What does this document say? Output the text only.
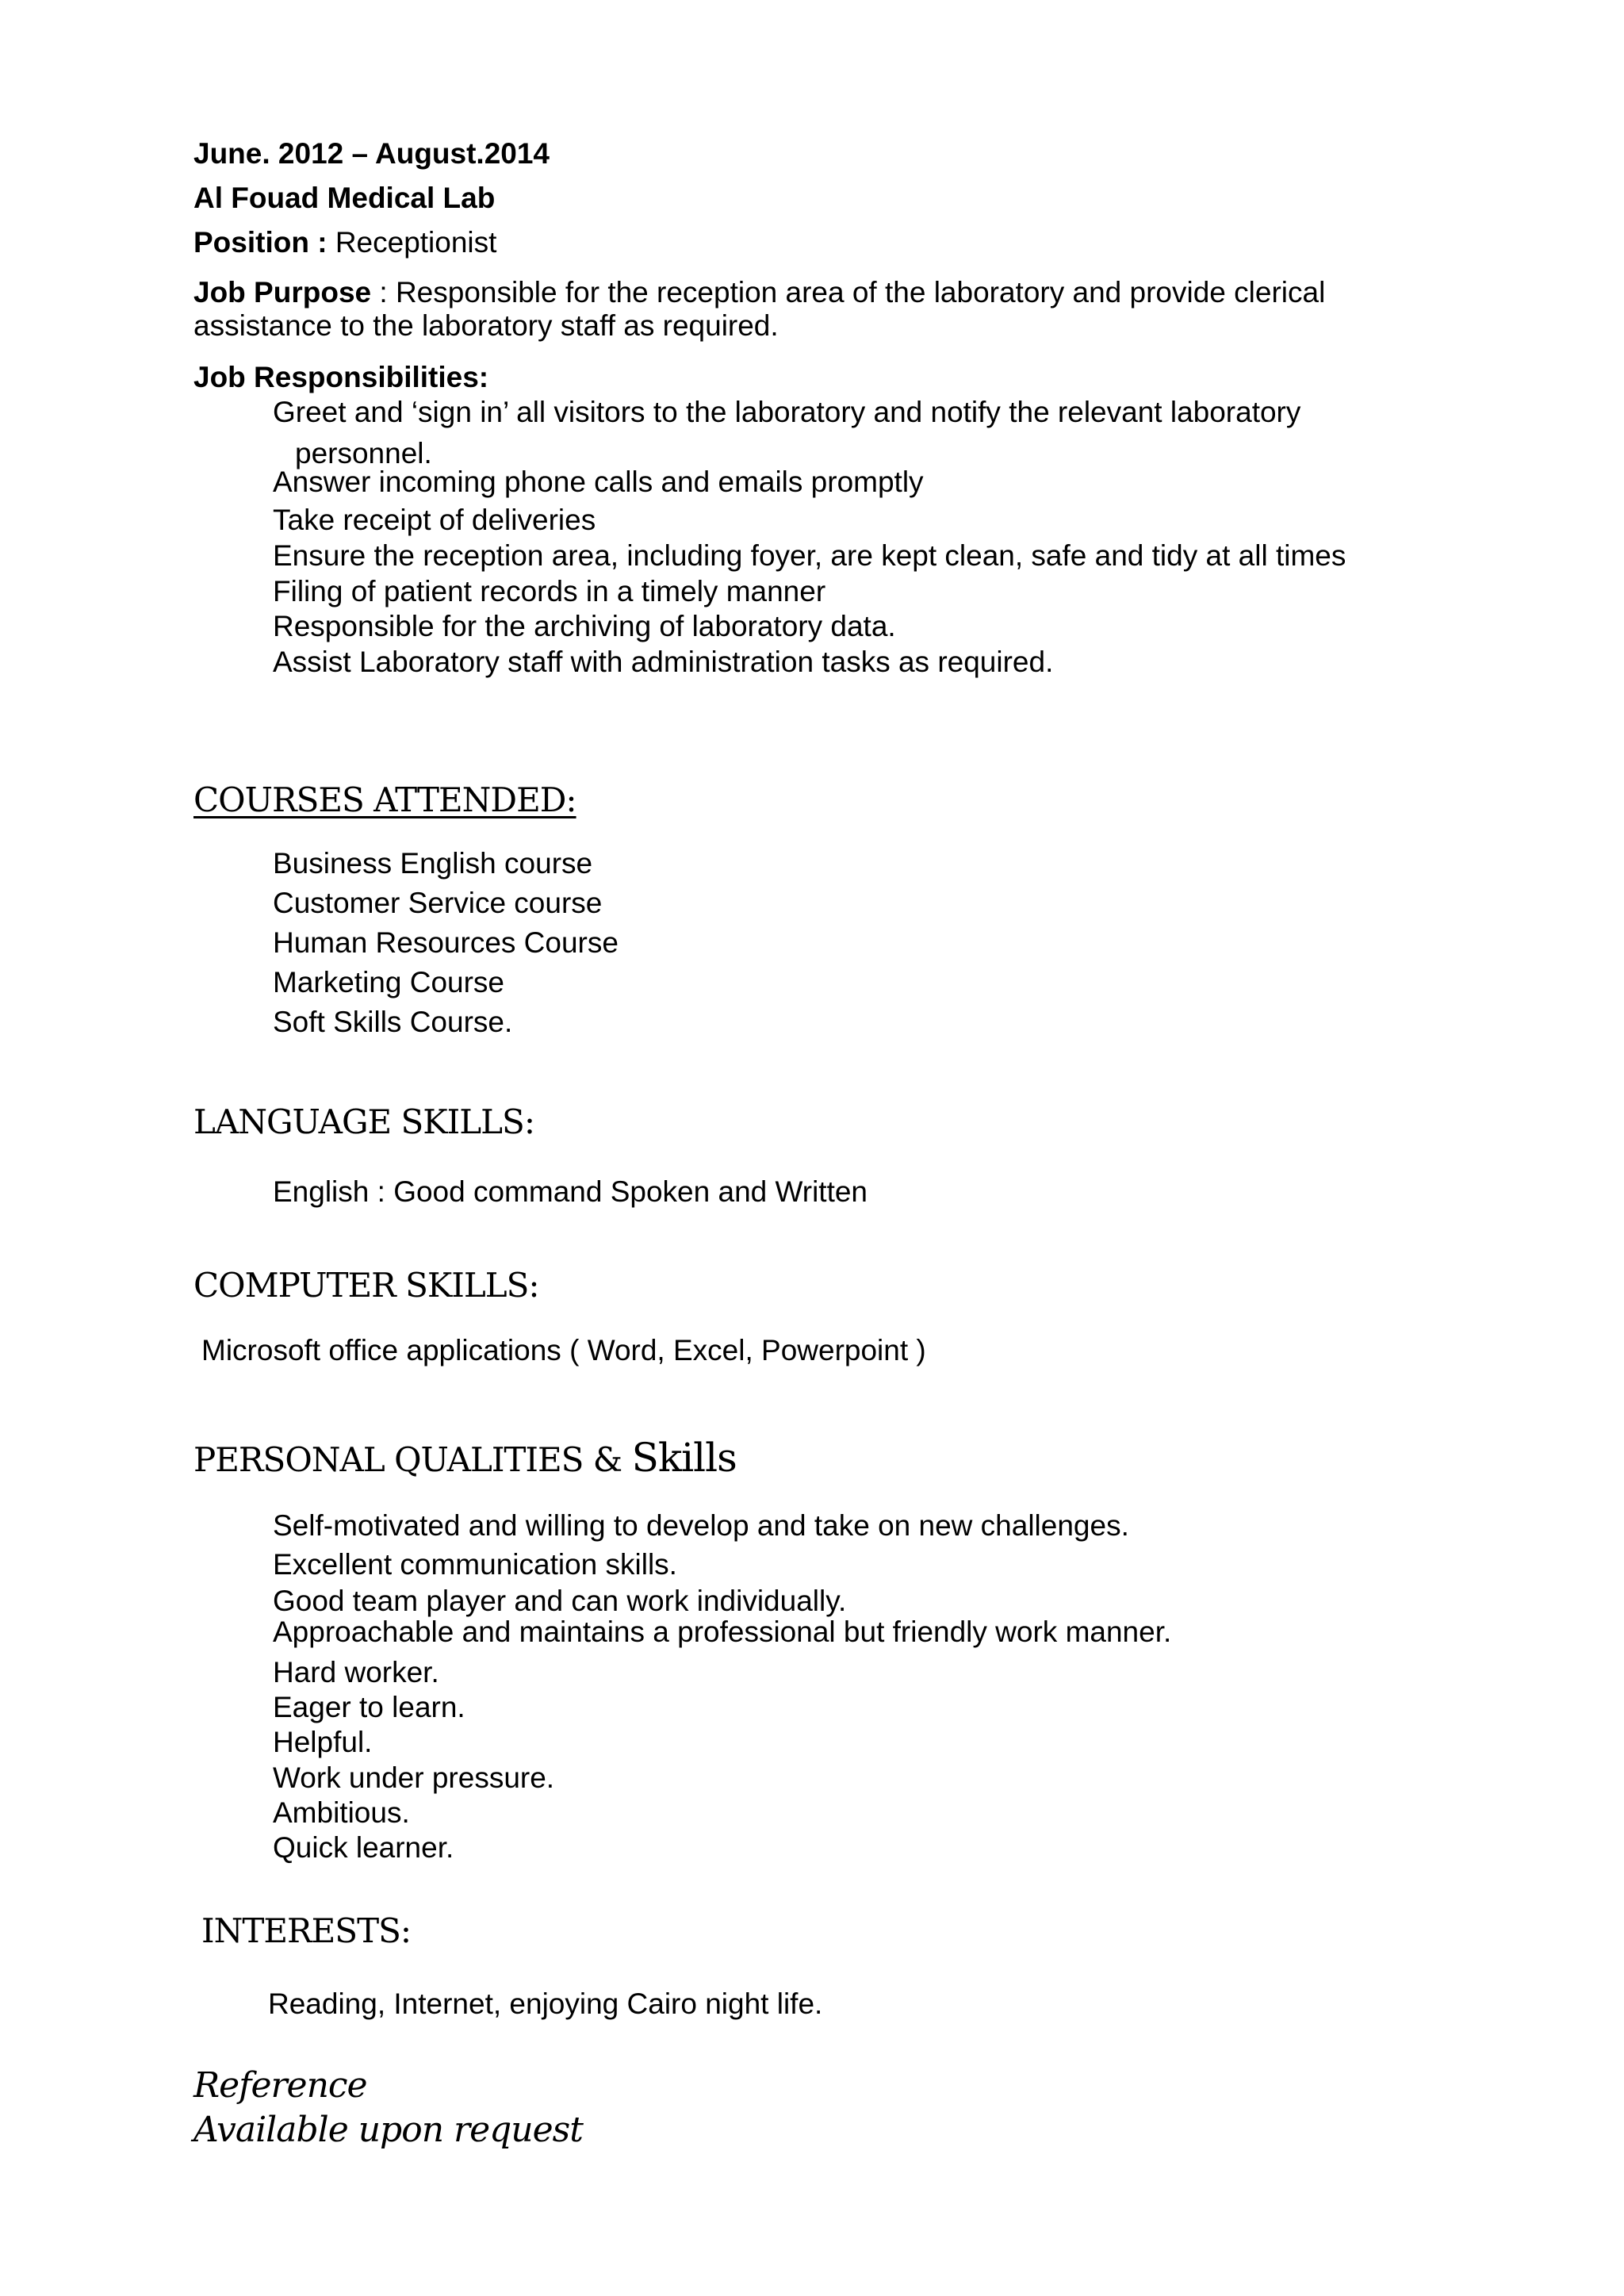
June. 2012 – August.2014
Al Fouad Medical Lab
Position : Receptionist
Job Purpose : Responsible for the reception area of the laboratory and provide clerical
assistance to the laboratory staff as required.
Job Responsibilities:
Greet and ‘sign in’ all visitors to the laboratory and notify the relevant laboratory
personnel.
Answer incoming phone calls and emails promptly
Take receipt of deliveries
Ensure the reception area, including foyer, are kept clean, safe and tidy at all times
Filing of patient records in a timely manner
Responsible for the archiving of laboratory data.
Assist Laboratory staff with administration tasks as required.
COURSES ATTENDED:
Business English course
Customer Service course
Human Resources Course
Marketing Course
Soft Skills Course.
LANGUAGE SKILLS:
English : Good command Spoken and Written
COMPUTER SKILLS:
Microsoft office applications ( Word, Excel, Powerpoint )
PERSONAL QUALITIES & Skills
Self-motivated and willing to develop and take on new challenges.
Excellent communication skills.
Good team player and can work individually.
Approachable and maintains a professional but friendly work manner.
Hard worker.
Eager to learn.
Helpful.
Work under pressure.
Ambitious.
Quick learner.
INTERESTS:
Reading, Internet, enjoying Cairo night life.
Reference
Available upon request
